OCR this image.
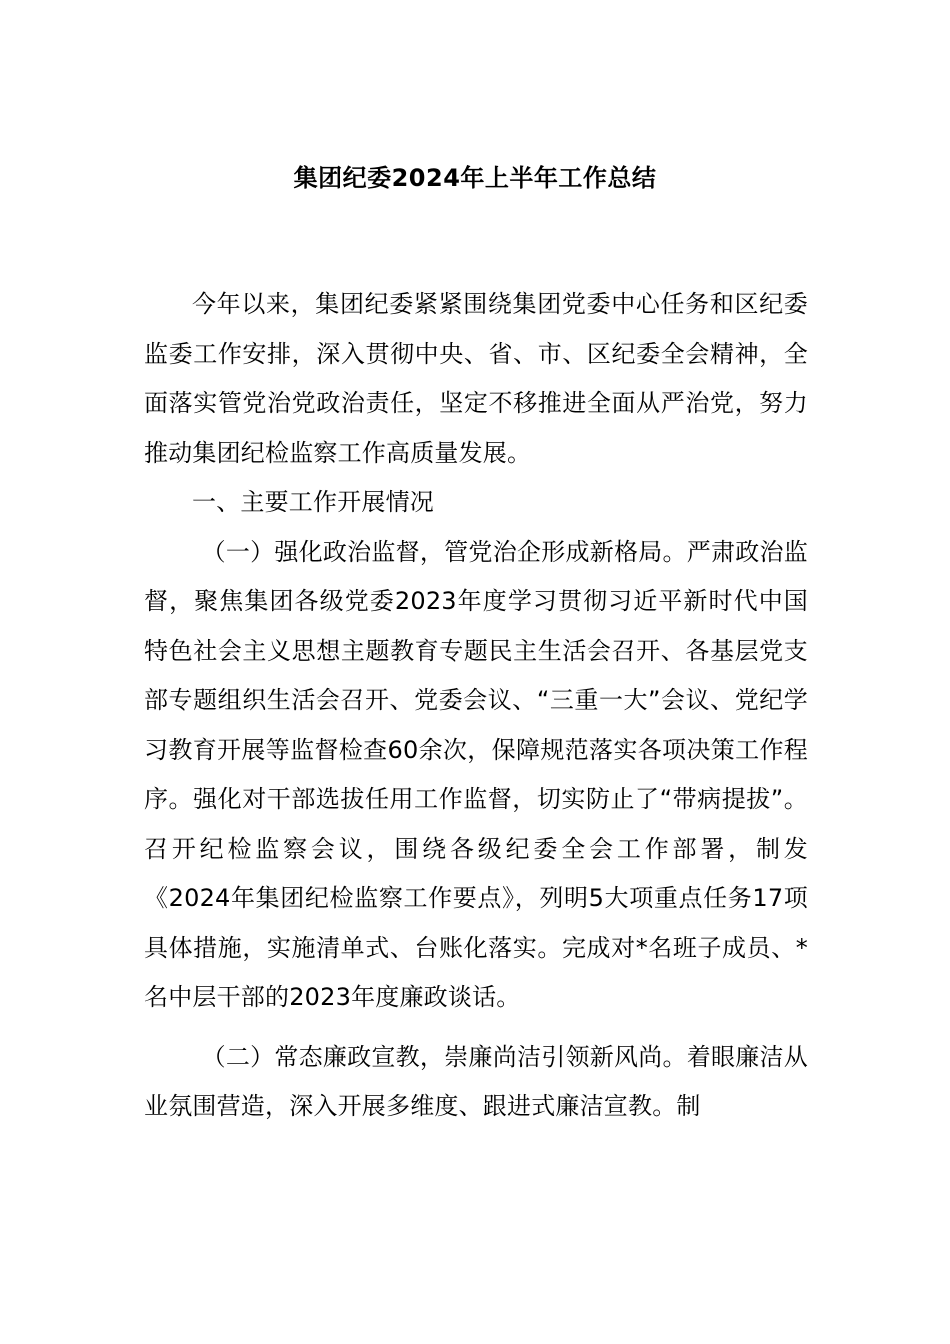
集团纪委2024年上半年工作总结

今年以来，集团纪委紧紧围绕集团党委中心任务和区纪委监委工作安排，深入贯彻中央、省、市、区纪委全会精神，全面落实管党治党政治责任，坚定不移推进全面从严治党，努力推动集团纪检监察工作高质量发展。

一、主要工作开展情况

（一）强化政治监督，管党治企形成新格局。严肃政治监督，聚焦集团各级党委2023年度学习贯彻习近平新时代中国特色社会主义思想主题教育专题民主生活会召开、各基层党支部专题组织生活会召开、党委会议、“三重一大”会议、党纪学习教育开展等监督检查60余次，保障规范落实各项决策工作程序。强化对干部选拔任用工作监督，切实防止了“带病提拔”。召开纪检监察会议，围绕各级纪委全会工作部署，制发《2024年集团纪检监察工作要点》，列明5大项重点任务17项具体措施，实施清单式、台账化落实。完成对*名班子成员、*名中层干部的2023年度廉政谈话。

（二）常态廉政宣教，崇廉尚洁引领新风尚。着眼廉洁从业氛围营造，深入开展多维度、跟进式廉洁宣教。制
